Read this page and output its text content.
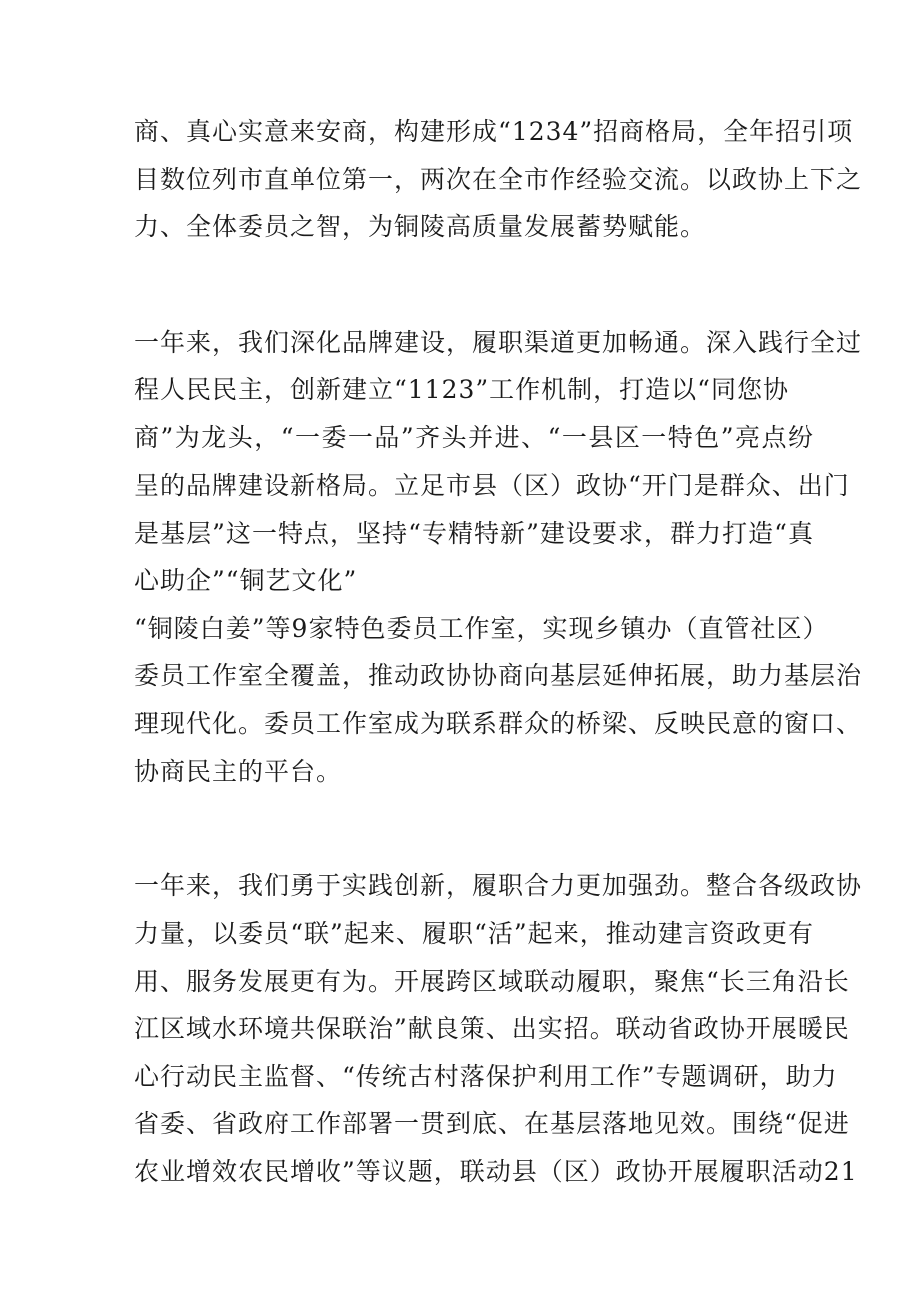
商、真心实意来安商，构建形成“1234”招商格局，全年招引项
目数位列市直单位第一，两次在全市作经验交流。以政协上下之
力、全体委员之智，为铜陵高质量发展蓄势赋能。
一年来，我们深化品牌建设，履职渠道更加畅通。深入践行全过
程人民民主，创新建立“1123”工作机制，打造以“同您协
商”为龙头，“一委一品”齐头并进、“一县区一特色”亮点纷
呈的品牌建设新格局。立足市县（区）政协“开门是群众、出门
是基层”这一特点，坚持“专精特新”建设要求，群力打造“真
心助企”“铜艺文化”
“铜陵白姜”等9家特色委员工作室，实现乡镇办（直管社区）
委员工作室全覆盖，推动政协协商向基层延伸拓展，助力基层治
理现代化。委员工作室成为联系群众的桥梁、反映民意的窗口、
协商民主的平台。
一年来，我们勇于实践创新，履职合力更加强劲。整合各级政协
力量，以委员“联”起来、履职“活”起来，推动建言资政更有
用、服务发展更有为。开展跨区域联动履职，聚焦“长三角沿长
江区域水环境共保联治”献良策、出实招。联动省政协开展暖民
心行动民主监督、“传统古村落保护利用工作”专题调研，助力
省委、省政府工作部署一贯到底、在基层落地见效。围绕“促进
农业增效农民增收”等议题，联动县（区）政协开展履职活动21
